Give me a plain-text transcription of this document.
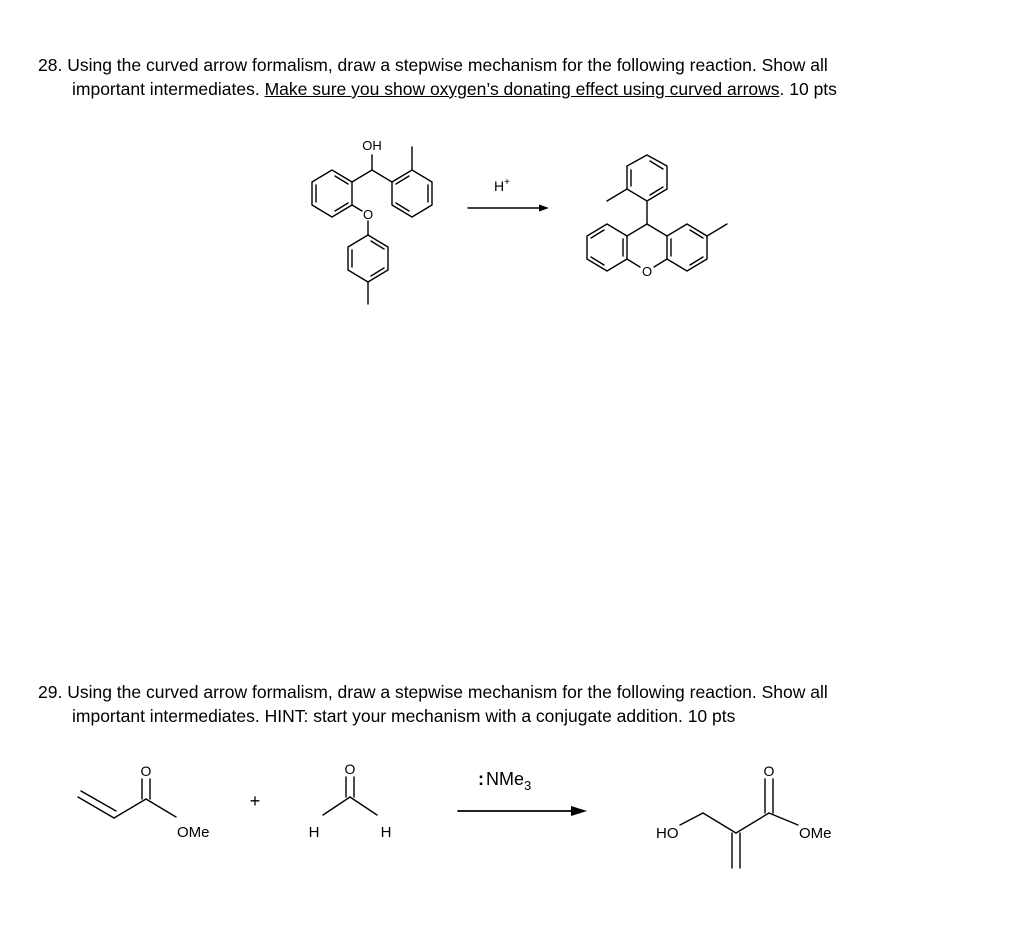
28. Using the curved arrow formalism, draw a stepwise mechanism for the following reaction. Show all
important intermediates. Make sure you show oxygen’s donating effect using curved arrows. 10 pts
OH
O
H+
O
29. Using the curved arrow formalism, draw a stepwise mechanism for the following reaction. Show all
important intermediates. HINT: start your mechanism with a conjugate addition. 10 pts
O
OMe
+
O
H	H
: NMe$_3$
HO
O
OMe
